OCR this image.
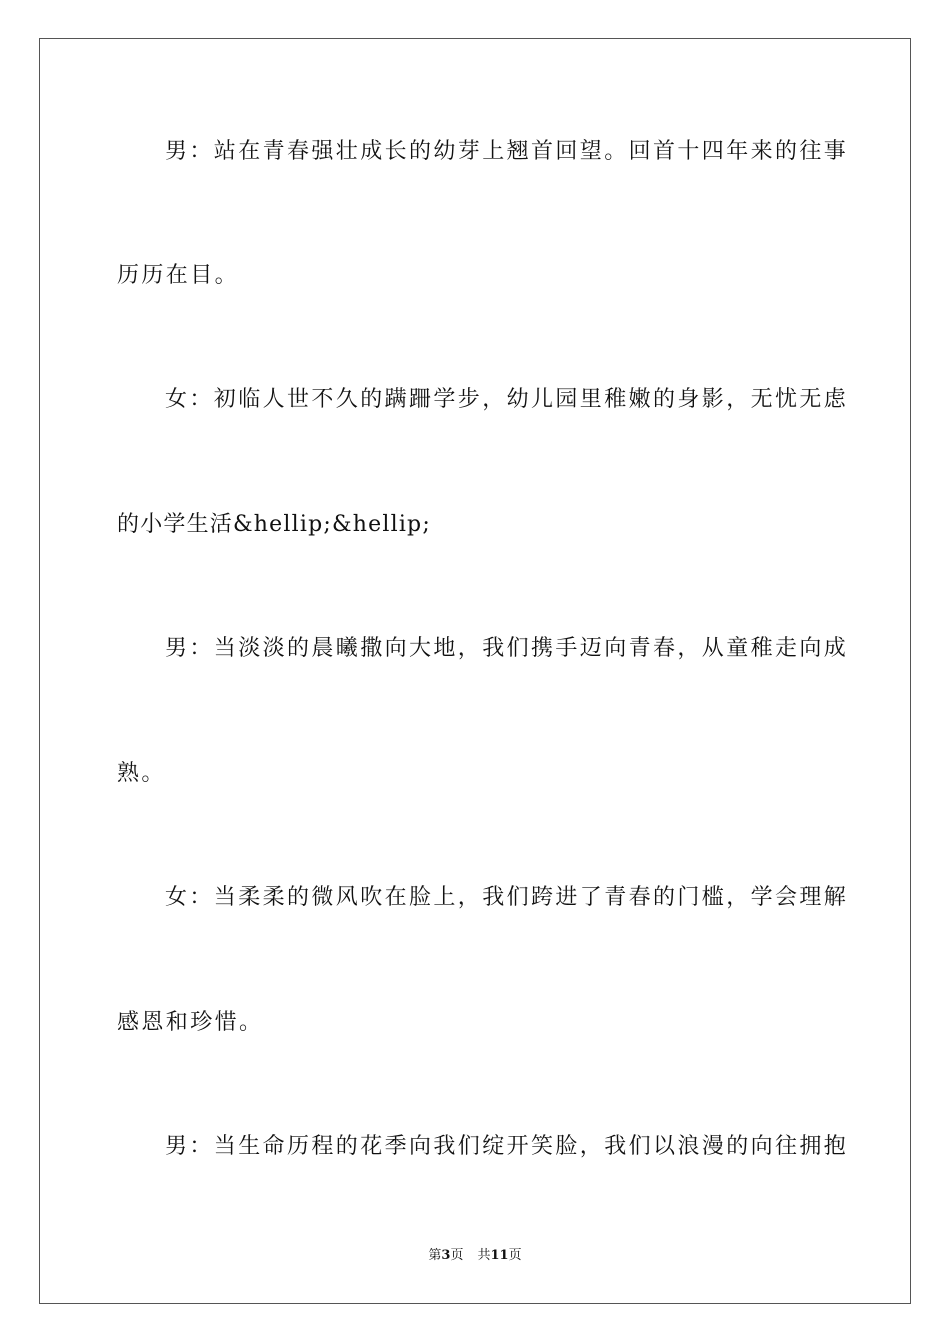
男：站在青春强壮成长的幼芽上翘首回望。回首十四年来的往事
历历在目。
女：初临人世不久的蹒跚学步，幼儿园里稚嫩的身影，无忧无虑
的小学生活&hellip;&hellip;
男：当淡淡的晨曦撒向大地，我们携手迈向青春，从童稚走向成
熟。
女：当柔柔的微风吹在脸上，我们跨进了青春的门槛，学会理解
感恩和珍惜。
男：当生命历程的花季向我们绽开笑脸，我们以浪漫的向往拥抱
第3页 共11页
